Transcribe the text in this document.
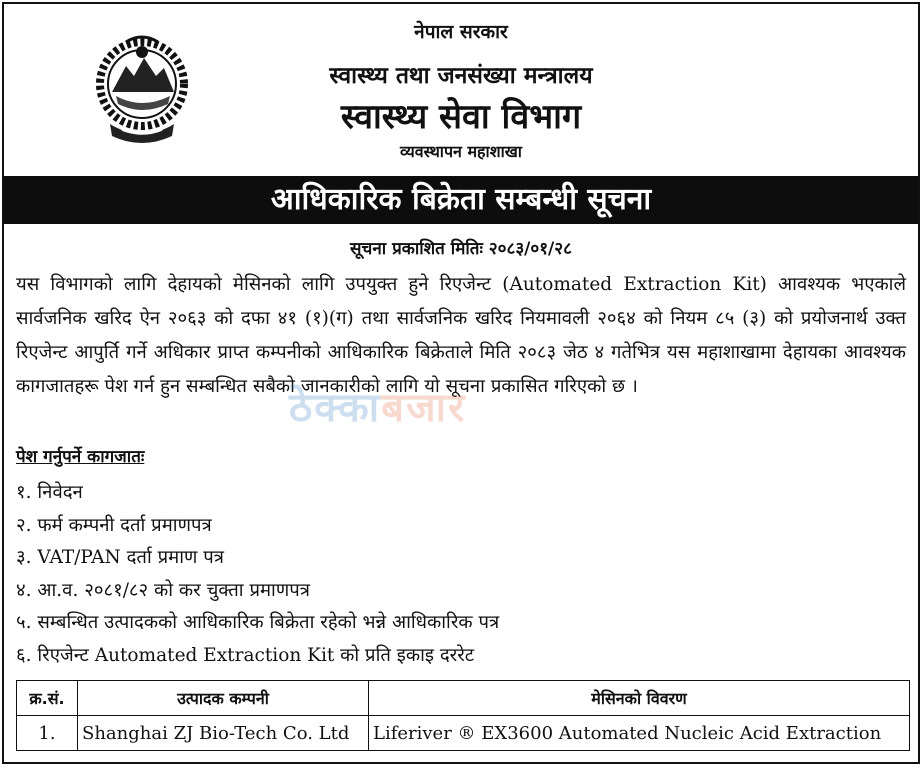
नेपाल सरकार
स्वास्थ्य तथा जनसंख्या मन्त्रालय
स्वास्थ्य सेवा विभाग
व्यवस्थापन महाशाखा
आधिकारिक बिक्रेता सम्बन्धी सूचना
सूचना प्रकाशित मितिः २०८३/०१/२८
यस विभागको लागि देहायको मेसिनको लागि उपयुक्त हुने रिएजेन्ट (Automated Extraction Kit) आवश्यक भएकाले सार्वजनिक खरिद ऐन २०६३ को दफा ४१ (१)(ग) तथा सार्वजनिक खरिद नियमावली २०६४ को नियम ८५ (३) को प्रयोजनार्थ उक्त रिएजेन्ट आपुर्ति गर्ने अधिकार प्राप्त कम्पनीको आधिकारिक बिक्रेताले मिति २०८३ जेठ ४ गतेभित्र यस महाशाखामा देहायका आवश्यक कागजातहरू पेश गर्न हुन सम्बन्धित सबैको जानकारीको लागि यो सूचना प्रकासित गरिएको छ ।
ठेक्काबजार
पेश गर्नुपर्ने कागजातः
१. निवेदन
२. फर्म कम्पनी दर्ता प्रमाणपत्र
३. VAT/PAN दर्ता प्रमाण पत्र
४. आ.व. २०८१/८२ को कर चुक्ता प्रमाणपत्र
५. सम्बन्धित उत्पादकको आधिकारिक बिक्रेता रहेको भन्ने आधिकारिक पत्र
६. रिएजेन्ट Automated Extraction Kit को प्रति इकाइ दररेट
क्र.सं.	उत्पादक कम्पनी	मेसिनको विवरण
1.	Shanghai ZJ Bio-Tech Co. Ltd	Liferiver ® EX3600 Automated Nucleic Acid Extraction
